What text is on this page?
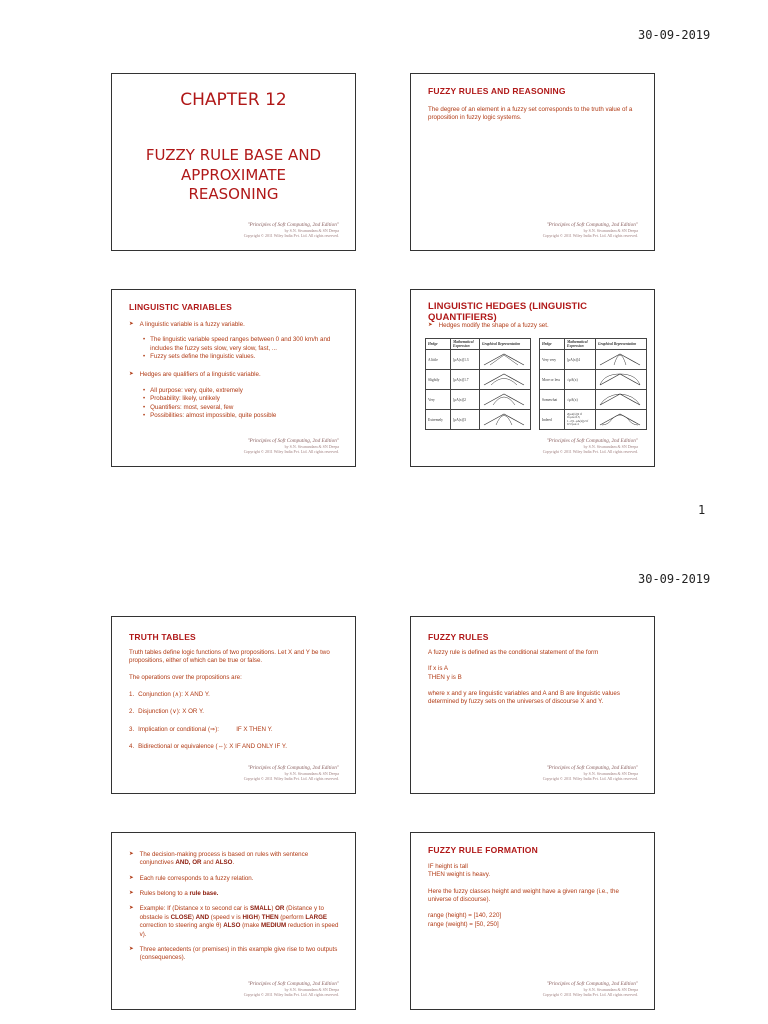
30-09-2019
CHAPTER 12
FUZZY RULE BASE AND APPROXIMATE REASONING
"Principles of Soft Computing, 2nd Edition"
by S.N. Sivanandam & SN Deepa
Copyright © 2011 Wiley India Pvt. Ltd. All rights reserved.
FUZZY RULES AND REASONING

The degree of an element in a fuzzy set corresponds to the truth value of a proposition in fuzzy logic systems.

"Principles of Soft Computing, 2nd Edition"
by S.N. Sivanandam & SN Deepa
Copyright © 2011 Wiley India Pvt. Ltd. All rights reserved.
LINGUISTIC VARIABLES
➤ A linguistic variable is a fuzzy variable.
• The linguistic variable speed ranges between 0 and 300 km/h and includes the fuzzy sets slow, very slow, fast, ...
• Fuzzy sets define the linguistic values.
➤ Hedges are qualifiers of a linguistic variable.
• All purpose: very, quite, extremely
• Probability: likely, unlikely
• Quantifiers: most, several, few
• Possibilities: almost impossible, quite possible
"Principles of Soft Computing, 2nd Edition"
by S.N. Sivanandam & SN Deepa
Copyright © 2011 Wiley India Pvt. Ltd. All rights reserved.
LINGUISTIC HEDGES (LINGUISTIC QUANTIFIERS)
➤ Hedges modify the shape of a fuzzy set.
Hedge	Mathematical Expression	Graphical Representation
A little	[μA(x)]1.3	
Slightly	[μA(x)]1.7	
Very	[μA(x)]2	
Extremely	[μA(x)]3	
Hedge	Mathematical Expression	Graphical Representation
Very very	[μA(x)]4	
More or less	√μA(x)	
Somewhat	√μA(x)	
Indeed	2[μA(x)]2 if 0≤μA≤0.5; 1−2[1−μA(x)]2 if 0.5<μA≤1	
"Principles of Soft Computing, 2nd Edition"
by S.N. Sivanandam & SN Deepa
Copyright © 2011 Wiley India Pvt. Ltd. All rights reserved.
1
30-09-2019
TRUTH TABLES

Truth tables define logic functions of two propositions. Let X and Y be two propositions, either of which can be true or false.

The operations over the propositions are:

1. Conjunction (∧): X AND Y.
2. Disjunction (∨): X OR Y.
3. Implication or conditional (⇒):          IF X THEN Y.
4. Bidirectional or equivalence (⇔): X IF AND ONLY IF Y.
"Principles of Soft Computing, 2nd Edition"
by S.N. Sivanandam & SN Deepa
Copyright © 2011 Wiley India Pvt. Ltd. All rights reserved.
FUZZY RULES

A fuzzy rule is defined as the conditional statement of the form

If x is A
THEN y is B

where x and y are linguistic variables and A and B are linguistic values determined by fuzzy sets on the universes of discourse X and Y.

"Principles of Soft Computing, 2nd Edition"
by S.N. Sivanandam & SN Deepa
Copyright © 2011 Wiley India Pvt. Ltd. All rights reserved.
➤ The decision-making process is based on rules with sentence conjunctives AND, OR and ALSO.
➤ Each rule corresponds to a fuzzy relation.
➤ Rules belong to a rule base.
➤ Example: If (Distance x to second car is SMALL) OR (Distance y to obstacle is CLOSE) AND (speed v is HIGH) THEN (perform LARGE correction to steering angle θ) ALSO (make MEDIUM reduction in speed v).
➤ Three antecedents (or premises) in this example give rise to two outputs (consequences).
"Principles of Soft Computing, 2nd Edition"
by S.N. Sivanandam & SN Deepa
Copyright © 2011 Wiley India Pvt. Ltd. All rights reserved.
FUZZY RULE FORMATION
IF height is tall
THEN weight is heavy.

Here the fuzzy classes height and weight have a given range (i.e., the universe of discourse).

range (height) = [140, 220]
range (weight) = [50, 250]
"Principles of Soft Computing, 2nd Edition"
by S.N. Sivanandam & SN Deepa
Copyright © 2011 Wiley India Pvt. Ltd. All rights reserved.
